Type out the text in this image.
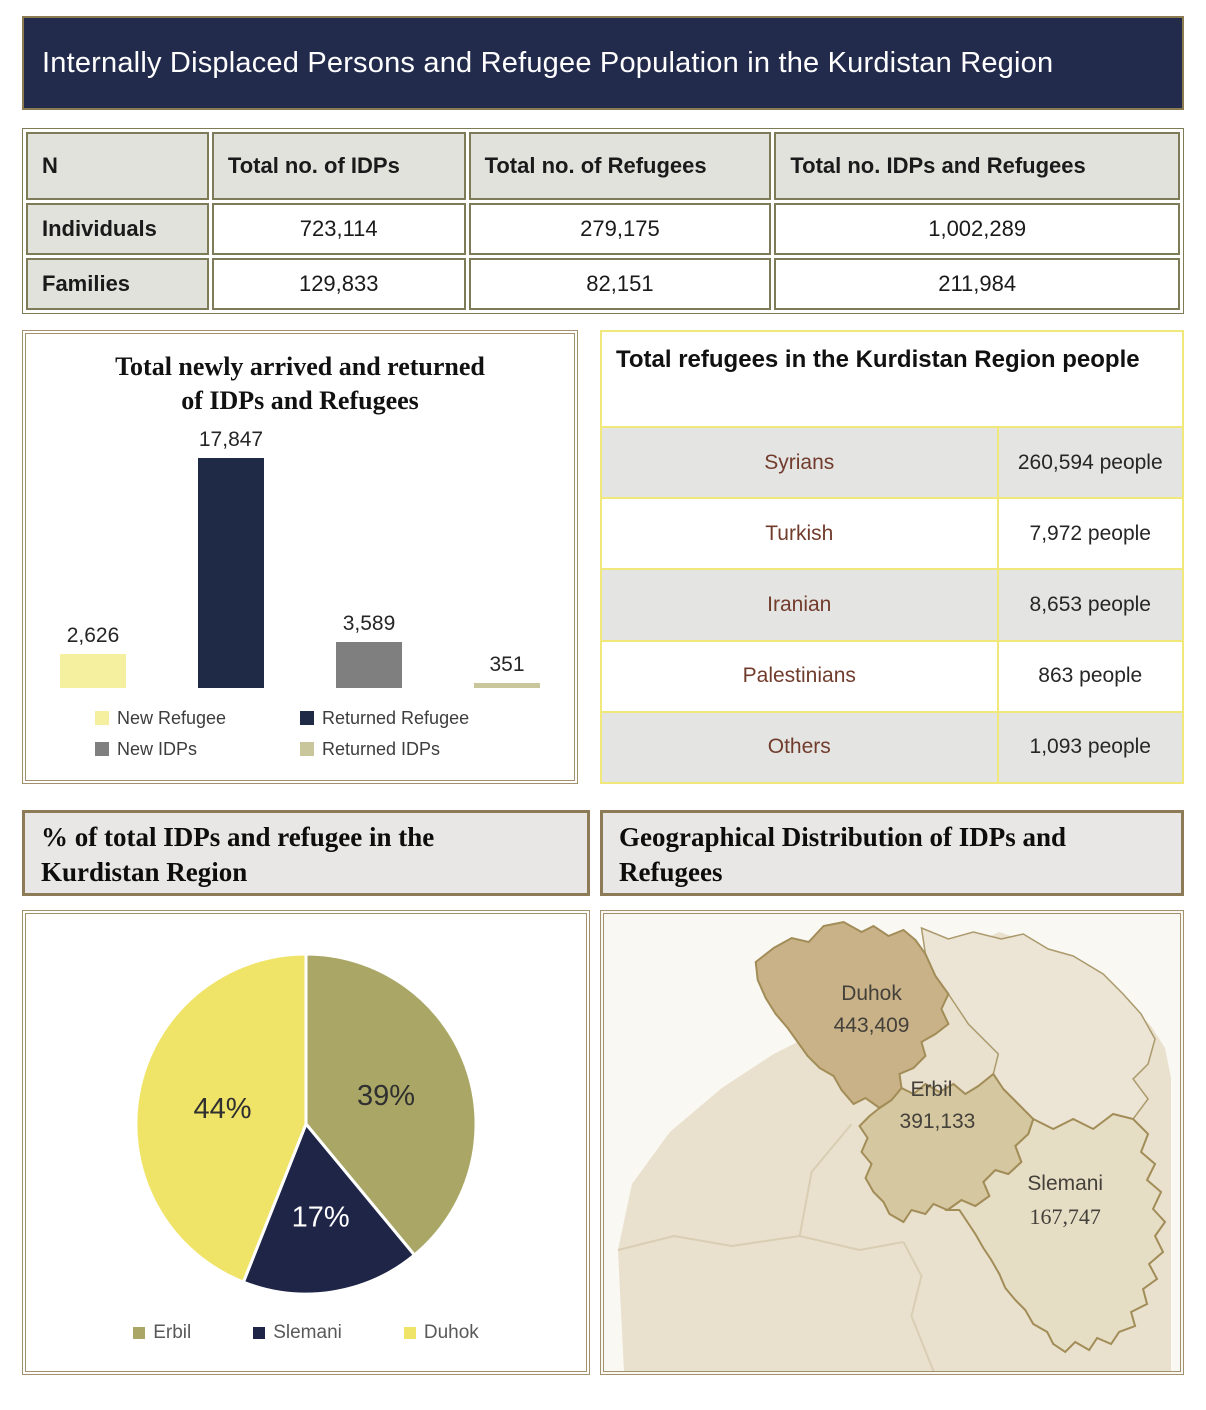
Internally Displaced Persons and Refugee Population in the Kurdistan Region
N	Total no. of IDPs	Total no. of Refugees	Total no. IDPs and Refugees
Individuals	723,114	279,175	1,002,289
Families	129,833	82,151	211,984
Total newly arrived and returned
of IDPs and Refugees
2,626
17,847
3,589
351
New Refugee	Returned Refugee
New IDPs	Returned IDPs
Total refugees in the Kurdistan Region people
Syrians	260,594 people
Turkish	7,972 people
Iranian	8,653 people
Palestinians	863 people
Others	1,093 people
% of total IDPs and refugee in the
Kurdistan Region
Geographical Distribution of IDPs and
Refugees
39%
17%
44%
Erbil	Slemani	Duhok
Duhok
443,409
Erbil
391,133
Slemani
167,747
